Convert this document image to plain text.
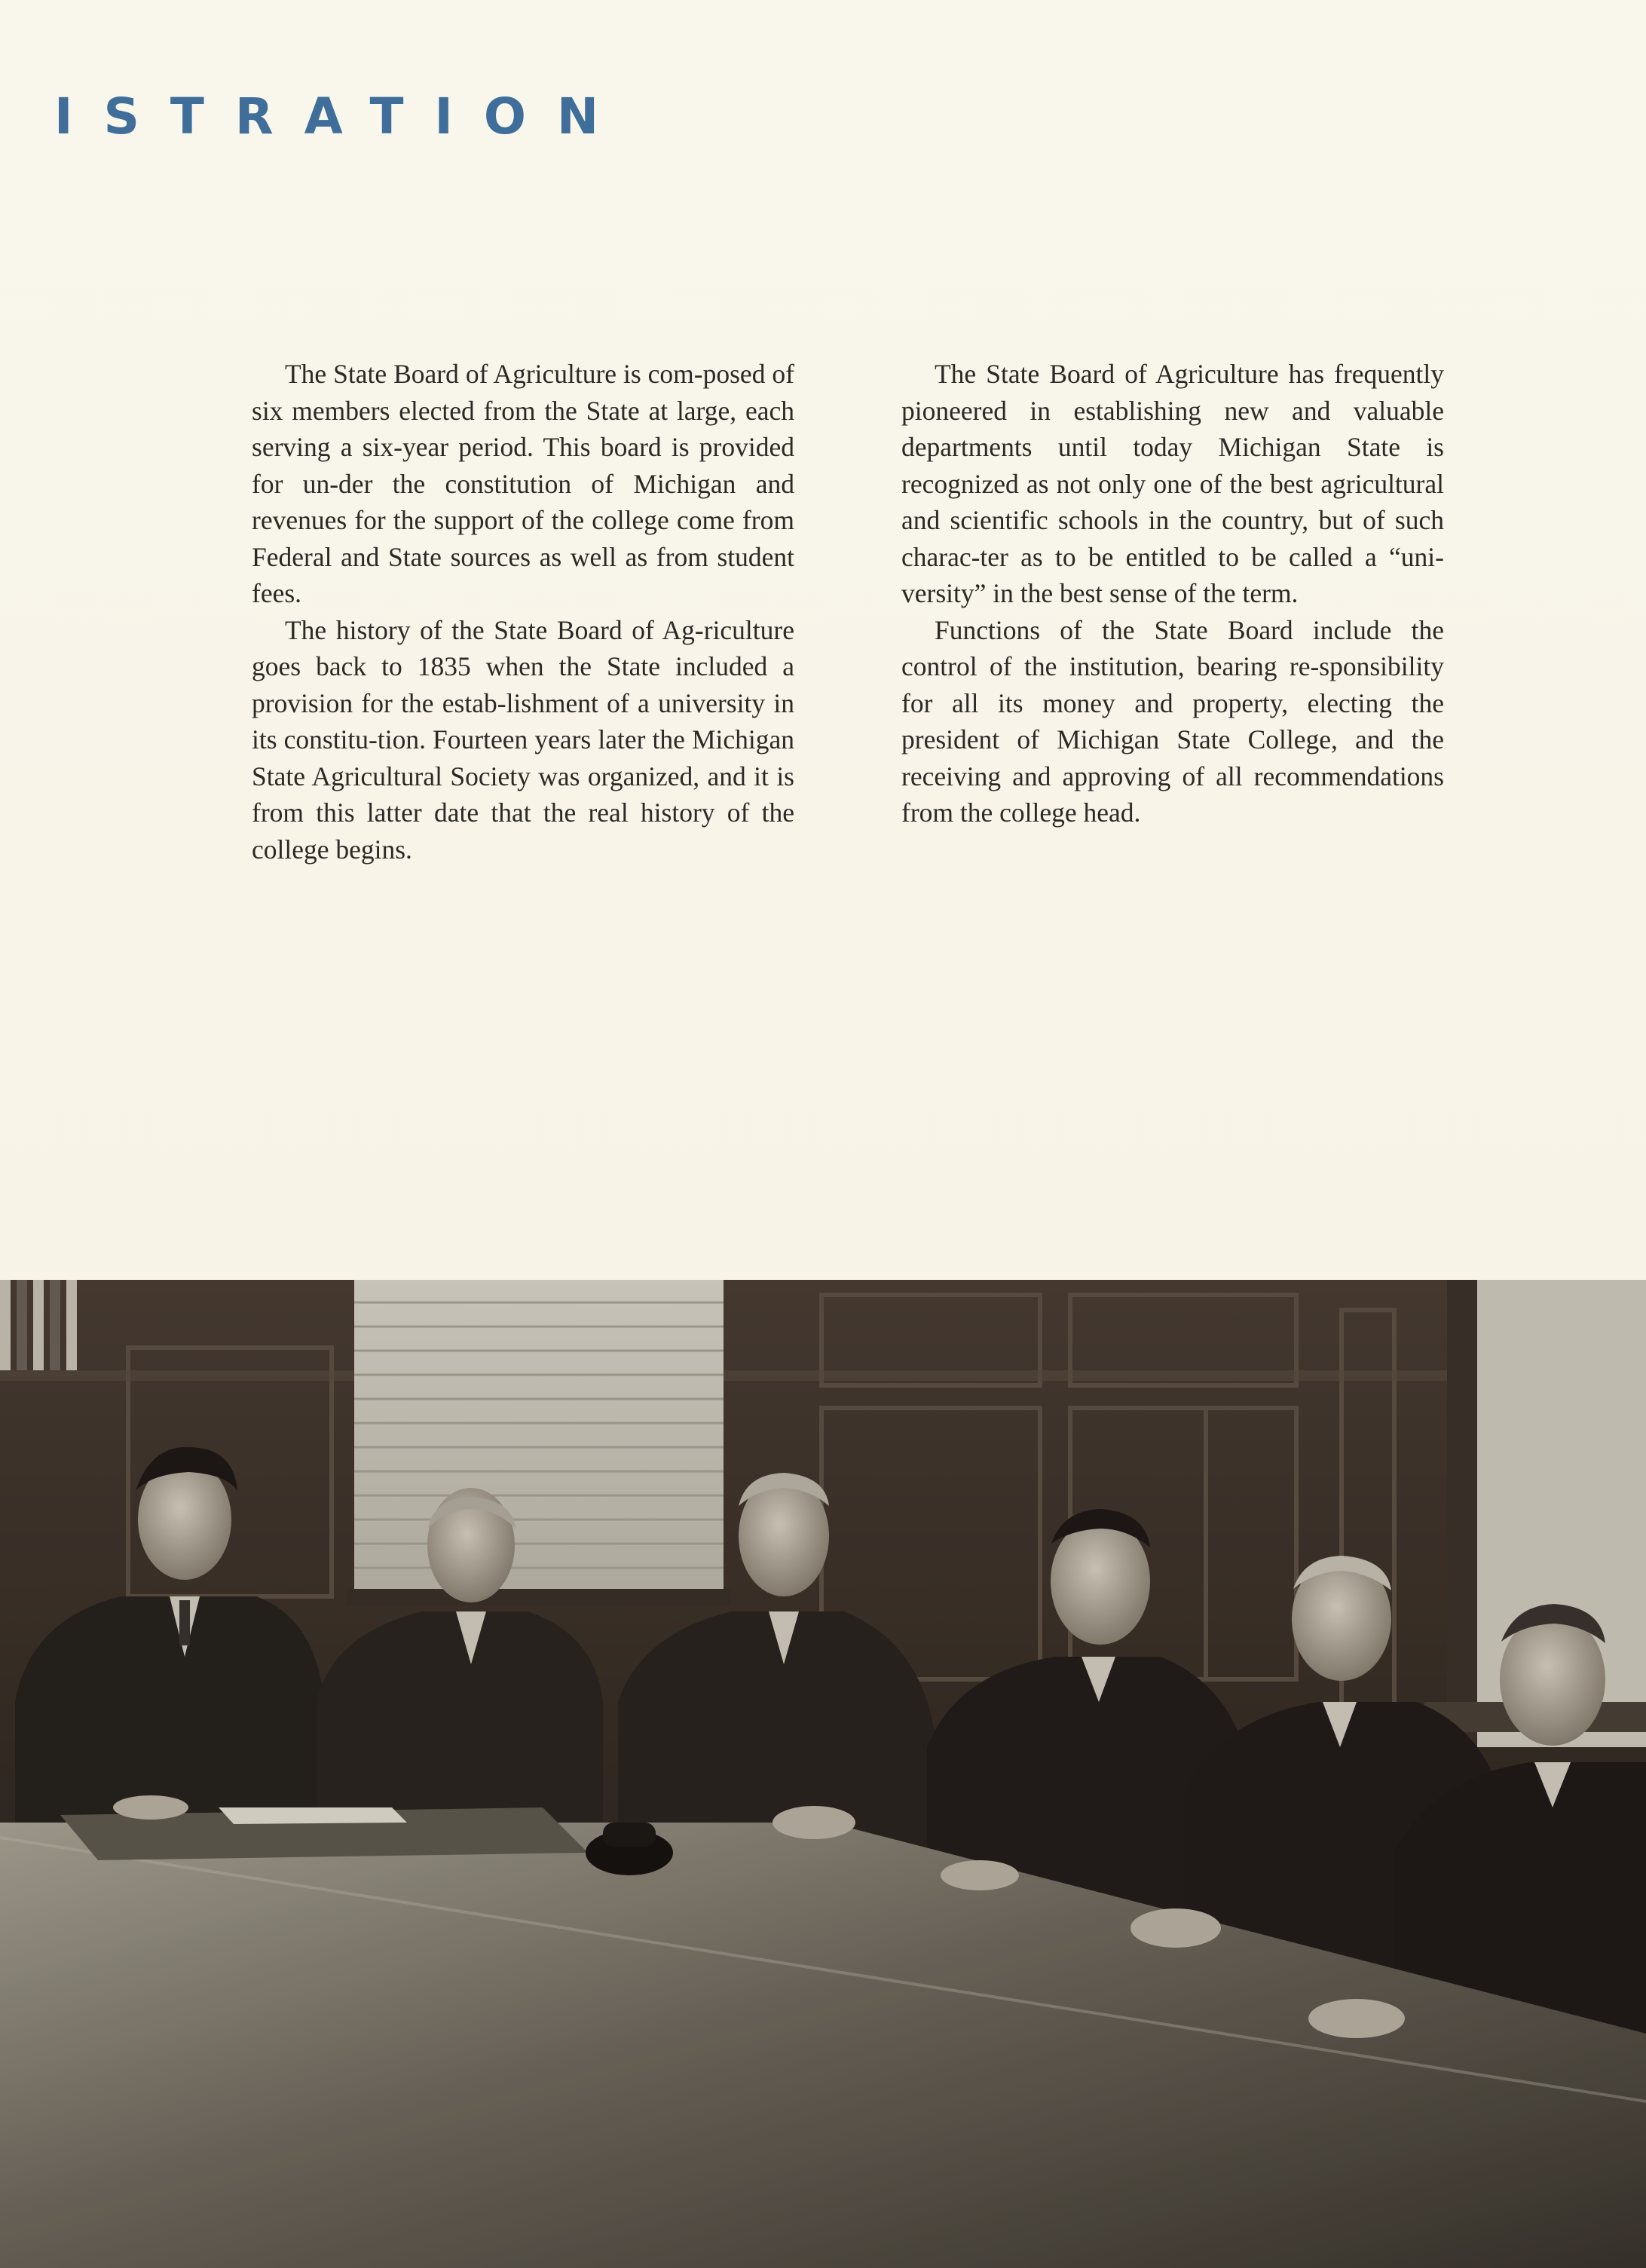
ISTRATION

The State Board of Agriculture is com-posed of six members elected from the State at large, each serving a six-year period. This board is provided for un-der the constitution of Michigan and revenues for the support of the college come from Federal and State sources as well as from student fees.

The history of the State Board of Ag-riculture goes back to 1835 when the State included a provision for the estab-lishment of a university in its constitu-tion. Fourteen years later the Michigan State Agricultural Society was organized, and it is from this latter date that the real history of the college begins.

The State Board of Agriculture has frequently pioneered in establishing new and valuable departments until today Michigan State is recognized as not only one of the best agricultural and scientific schools in the country, but of such charac-ter as to be entitled to be called a “uni-versity” in the best sense of the term.

Functions of the State Board include the control of the institution, bearing re-sponsibility for all its money and property, electing the president of Michigan State College, and the receiving and approving of all recommendations from the college head.
